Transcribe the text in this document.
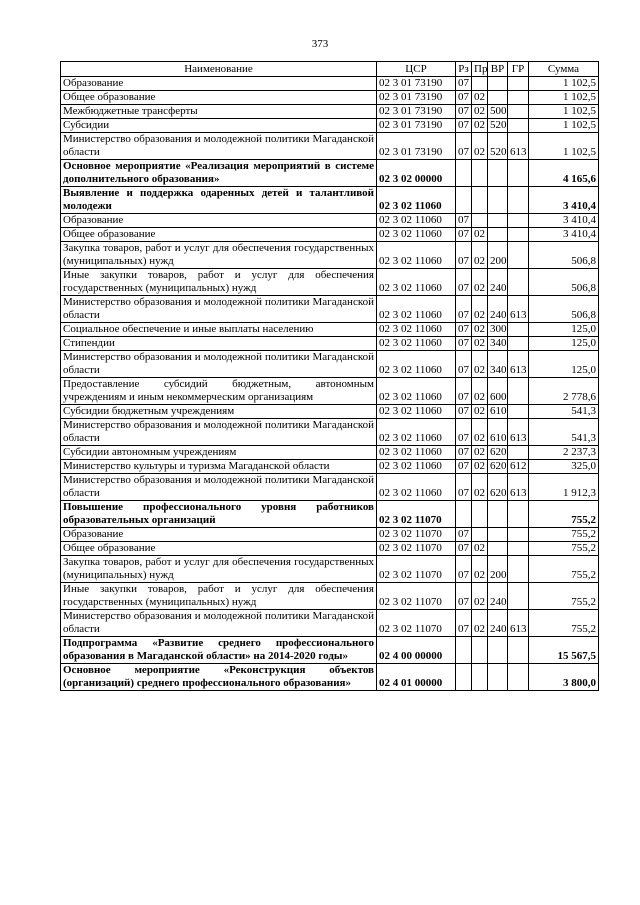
373
Наименование	ЦСР	Рз	Пр	ВР	ГР	Сумма
Образование	02 3 01 73190	07				1 102,5
Общее образование	02 3 01 73190	07	02			1 102,5
Межбюджетные трансферты	02 3 01 73190	07	02	500		1 102,5
Субсидии	02 3 01 73190	07	02	520		1 102,5
Министерство образования и молодежной политики Магаданской области	02 3 01 73190	07	02	520	613	1 102,5
Основное мероприятие «Реализация мероприятий в системе дополнительного образования»	02 3 02 00000					4 165,6
Выявление и поддержка одаренных детей и талантливой молодежи	02 3 02 11060					3 410,4
Образование	02 3 02 11060	07				3 410,4
Общее образование	02 3 02 11060	07	02			3 410,4
Закупка товаров, работ и услуг для обеспечения государственных (муниципальных) нужд	02 3 02 11060	07	02	200		506,8
Иные закупки товаров, работ и услуг для обеспечения государственных (муниципальных) нужд	02 3 02 11060	07	02	240		506,8
Министерство образования и молодежной политики Магаданской области	02 3 02 11060	07	02	240	613	506,8
Социальное обеспечение и иные выплаты населению	02 3 02 11060	07	02	300		125,0
Стипендии	02 3 02 11060	07	02	340		125,0
Министерство образования и молодежной политики Магаданской области	02 3 02 11060	07	02	340	613	125,0
Предоставление субсидий бюджетным, автономным учреждениям и иным некоммерческим организациям	02 3 02 11060	07	02	600		2 778,6
Субсидии бюджетным учреждениям	02 3 02 11060	07	02	610		541,3
Министерство образования и молодежной политики Магаданской области	02 3 02 11060	07	02	610	613	541,3
Субсидии автономным учреждениям	02 3 02 11060	07	02	620		2 237,3
Министерство культуры и туризма Магаданской области	02 3 02 11060	07	02	620	612	325,0
Министерство образования и молодежной политики Магаданской области	02 3 02 11060	07	02	620	613	1 912,3
Повышение профессионального уровня работников образовательных организаций	02 3 02 11070					755,2
Образование	02 3 02 11070	07				755,2
Общее образование	02 3 02 11070	07	02			755,2
Закупка товаров, работ и услуг для обеспечения государственных (муниципальных) нужд	02 3 02 11070	07	02	200		755,2
Иные закупки товаров, работ и услуг для обеспечения государственных (муниципальных) нужд	02 3 02 11070	07	02	240		755,2
Министерство образования и молодежной политики Магаданской области	02 3 02 11070	07	02	240	613	755,2
Подпрограмма «Развитие среднего профессионального образования в Магаданской области» на 2014-2020 годы»	02 4 00 00000					15 567,5
Основное мероприятие «Реконструкция объектов (организаций) среднего профессионального образования»	02 4 01 00000					3 800,0
